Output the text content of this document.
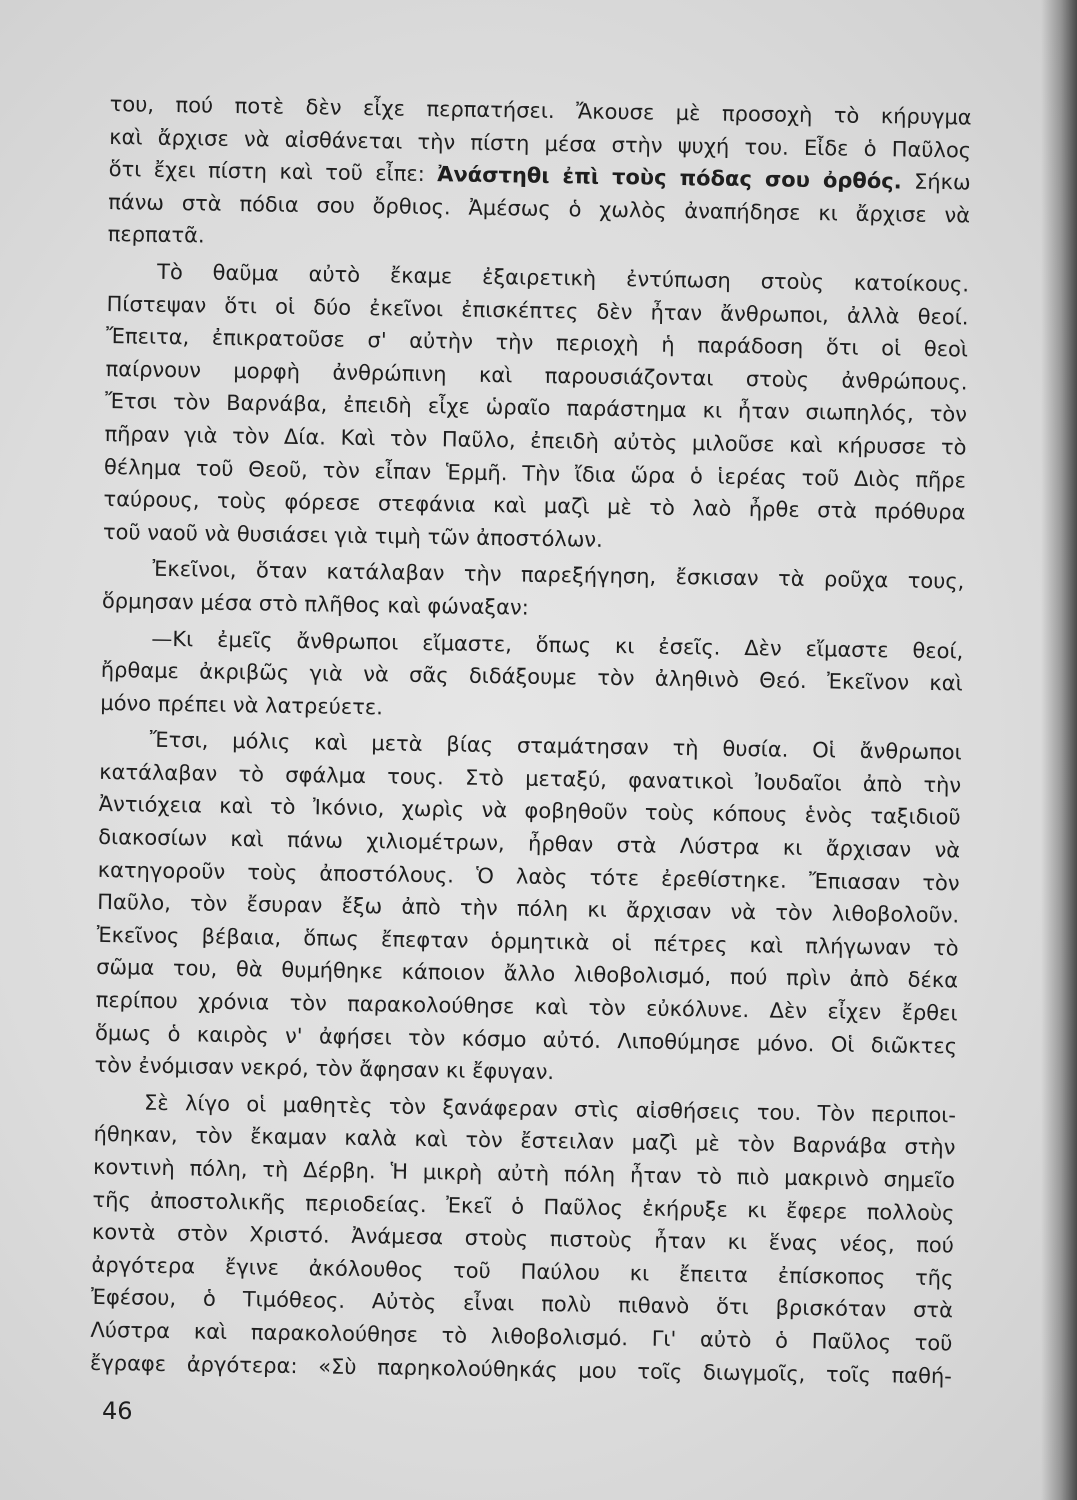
του, πού ποτὲ δὲν εἶχε περπατήσει. Ἄκουσε μὲ προσοχὴ τὸ κήρυγμα
καὶ ἄρχισε νὰ αἰσθάνεται τὴν πίστη μέσα στὴν ψυχή του. Εἶδε ὁ Παῦλος
ὅτι ἔχει πίστη καὶ τοῦ εἶπε: Ἀνάστηθι ἐπὶ τοὺς πόδας σου ὀρθός. Σήκω
πάνω στὰ πόδια σου ὄρθιος. Ἀμέσως ὁ χωλὸς ἀναπήδησε κι ἄρχισε νὰ
περπατᾶ.

Τὸ θαῦμα αὐτὸ ἔκαμε ἐξαιρετικὴ ἐντύπωση στοὺς κατοίκους.
Πίστεψαν ὅτι οἱ δύο ἐκεῖνοι ἐπισκέπτες δὲν ἦταν ἄνθρωποι, ἀλλὰ θεοί.
Ἔπειτα, ἐπικρατοῦσε σ' αὐτὴν τὴν περιοχὴ ἡ παράδοση ὅτι οἱ θεοὶ
παίρνουν μορφὴ ἀνθρώπινη καὶ παρουσιάζονται στοὺς ἀνθρώπους.
Ἔτσι τὸν Βαρνάβα, ἐπειδὴ εἶχε ὡραῖο παράστημα κι ἦταν σιωπηλός, τὸν
πῆραν γιὰ τὸν Δία. Καὶ τὸν Παῦλο, ἐπειδὴ αὐτὸς μιλοῦσε καὶ κήρυσσε τὸ
θέλημα τοῦ Θεοῦ, τὸν εἶπαν Ἑρμῆ. Τὴν ἴδια ὥρα ὁ ἱερέας τοῦ Διὸς πῆρε
ταύρους, τοὺς φόρεσε στεφάνια καὶ μαζὶ μὲ τὸ λαὸ ἦρθε στὰ πρόθυρα
τοῦ ναοῦ νὰ θυσιάσει γιὰ τιμὴ τῶν ἀποστόλων.

Ἐκεῖνοι, ὅταν κατάλαβαν τὴν παρεξήγηση, ἔσκισαν τὰ ροῦχα τους,
ὅρμησαν μέσα στὸ πλῆθος καὶ φώναξαν:

—Κι ἐμεῖς ἄνθρωποι εἴμαστε, ὅπως κι ἐσεῖς. Δὲν εἴμαστε θεοί,
ἤρθαμε ἀκριβῶς γιὰ νὰ σᾶς διδάξουμε τὸν ἀληθινὸ Θεό. Ἐκεῖνον καὶ
μόνο πρέπει νὰ λατρεύετε.

Ἔτσι, μόλις καὶ μετὰ βίας σταμάτησαν τὴ θυσία. Οἱ ἄνθρωποι
κατάλαβαν τὸ σφάλμα τους. Στὸ μεταξύ, φανατικοὶ Ἰουδαῖοι ἀπὸ τὴν
Ἀντιόχεια καὶ τὸ Ἰκόνιο, χωρὶς νὰ φοβηθοῦν τοὺς κόπους ἑνὸς ταξιδιοῦ
διακοσίων καὶ πάνω χιλιομέτρων, ἦρθαν στὰ Λύστρα κι ἄρχισαν νὰ
κατηγοροῦν τοὺς ἀποστόλους. Ὁ λαὸς τότε ἐρεθίστηκε. Ἔπιασαν τὸν
Παῦλο, τὸν ἔσυραν ἔξω ἀπὸ τὴν πόλη κι ἄρχισαν νὰ τὸν λιθοβολοῦν.
Ἐκεῖνος βέβαια, ὅπως ἔπεφταν ὁρμητικὰ οἱ πέτρες καὶ πλήγωναν τὸ
σῶμα του, θὰ θυμήθηκε κάποιον ἄλλο λιθοβολισμό, πού πρὶν ἀπὸ δέκα
περίπου χρόνια τὸν παρακολούθησε καὶ τὸν εὐκόλυνε. Δὲν εἶχεν ἔρθει
ὅμως ὁ καιρὸς ν' ἀφήσει τὸν κόσμο αὐτό. Λιποθύμησε μόνο. Οἱ διῶκτες
τὸν ἐνόμισαν νεκρό, τὸν ἄφησαν κι ἔφυγαν.

Σὲ λίγο οἱ μαθητὲς τὸν ξανάφεραν στὶς αἰσθήσεις του. Τὸν περιποι-
ήθηκαν, τὸν ἔκαμαν καλὰ καὶ τὸν ἔστειλαν μαζὶ μὲ τὸν Βαρνάβα στὴν
κοντινὴ πόλη, τὴ Δέρβη. Ἡ μικρὴ αὐτὴ πόλη ἦταν τὸ πιὸ μακρινὸ σημεῖο
τῆς ἀποστολικῆς περιοδείας. Ἐκεῖ ὁ Παῦλος ἐκήρυξε κι ἔφερε πολλοὺς
κοντὰ στὸν Χριστό. Ἀνάμεσα στοὺς πιστοὺς ἦταν κι ἕνας νέος, πού
ἀργότερα ἔγινε ἀκόλουθος τοῦ Παύλου κι ἔπειτα ἐπίσκοπος τῆς
Ἐφέσου, ὁ Τιμόθεος. Αὐτὸς εἶναι πολὺ πιθανὸ ὅτι βρισκόταν στὰ
Λύστρα καὶ παρακολούθησε τὸ λιθοβολισμό. Γι' αὐτὸ ὁ Παῦλος τοῦ
ἔγραφε ἀργότερα: «Σὺ παρηκολούθηκάς μου τοῖς διωγμοῖς, τοῖς παθή-

46
